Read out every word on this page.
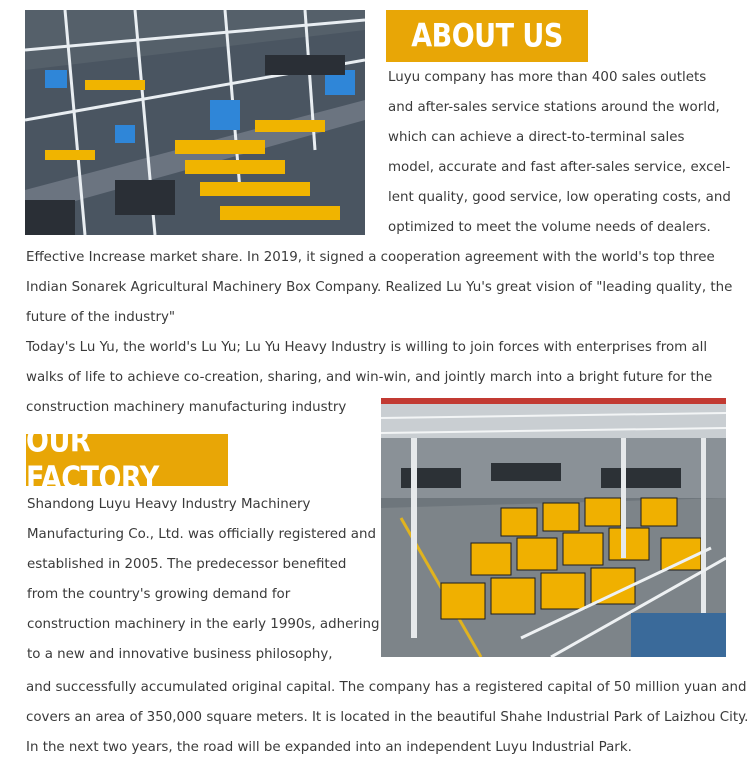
ABOUT US
Luyu company has more than 400 sales outlets
and after-sales service stations around the world,
which can achieve a direct-to-terminal sales
model, accurate and fast after-sales service, excel-
lent quality, good service, low operating costs, and
optimized to meet the volume needs of dealers.
Effective Increase market share. In 2019, it signed a cooperation agreement with the world's top three
Indian Sonarek Agricultural Machinery Box Company. Realized Lu Yu's great vision of "leading quality, the
future of the industry"
Today's Lu Yu, the world's Lu Yu; Lu Yu Heavy Industry is willing to join forces with enterprises from all
walks of life to achieve co-creation, sharing, and win-win, and jointly march into a bright future for the
construction machinery manufacturing industry
OUR FACTORY
Shandong Luyu Heavy Industry Machinery
Manufacturing Co., Ltd. was officially registered and
established in 2005. The predecessor benefited
from the country's growing demand for
construction machinery in the early 1990s, adhering
to a new and innovative business philosophy,
and successfully accumulated original capital. The company has a registered capital of 50 million yuan and
covers an area of 350,000 square meters. It is located in the beautiful Shahe Industrial Park of Laizhou City.
In the next two years, the road will be expanded into an independent Luyu Industrial Park.
